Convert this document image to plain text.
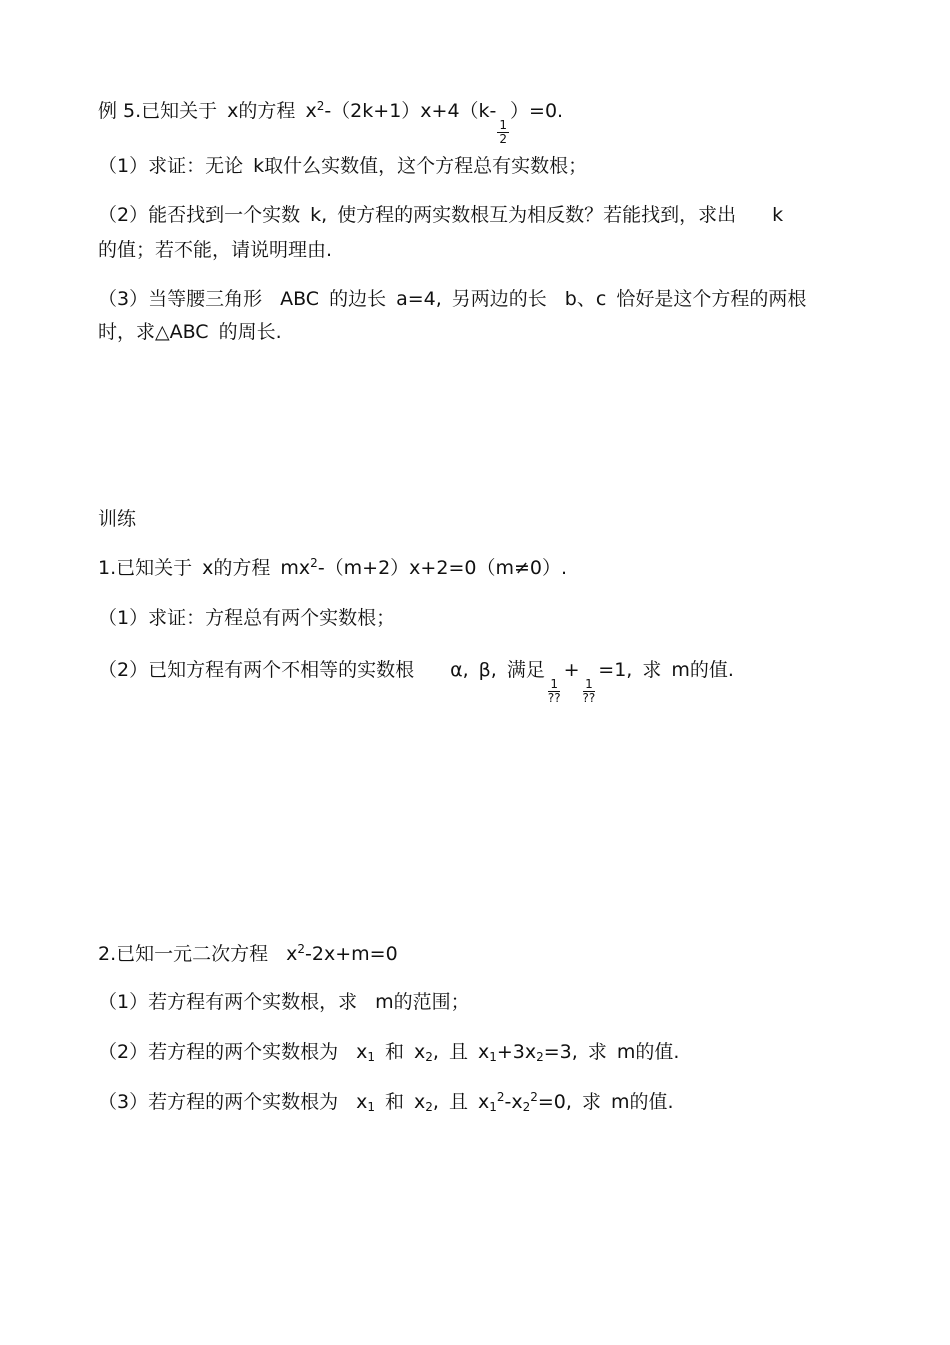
例 5.已知关于 x的方程 $x^2-(2k+1)x+4(k-$
$\frac{1}{2}$
）=0.
（1）求证：无论 k取什么实数值，这个方程总有实数根；
（2）能否找到一个实数 k, 使方程的两实数根互为相反数？若能找到，求出 k
的值；若不能，请说明理由.
（3）当等腰三角形 ABC 的边长 a=4, 另两边的长 b、c 恰好是这个方程的两根
时，求△ABC 的周长.
训练
1.已知关于 x的方程 $mx^2-(m+2)x+2=0(m\ne 0)$.
（1）求证：方程总有两个实数根；
（2）已知方程有两个不相等的实数根 α, β, 满足
$\frac{1}{??}$
+
$\frac{1}{??}$
=1, 求 m的值.
2.已知一元二次方程 $x^2-2x+m=0$
（1）若方程有两个实数根，求 m的范围；
（2）若方程的两个实数根为 $x_1$ 和 $x_2$, 且 $x_1+3x_2=3$, 求 m的值.
（3）若方程的两个实数根为 $x_1$ 和 $x_2$, 且 $x_1^2-x_2^2=0$, 求 m的值.
